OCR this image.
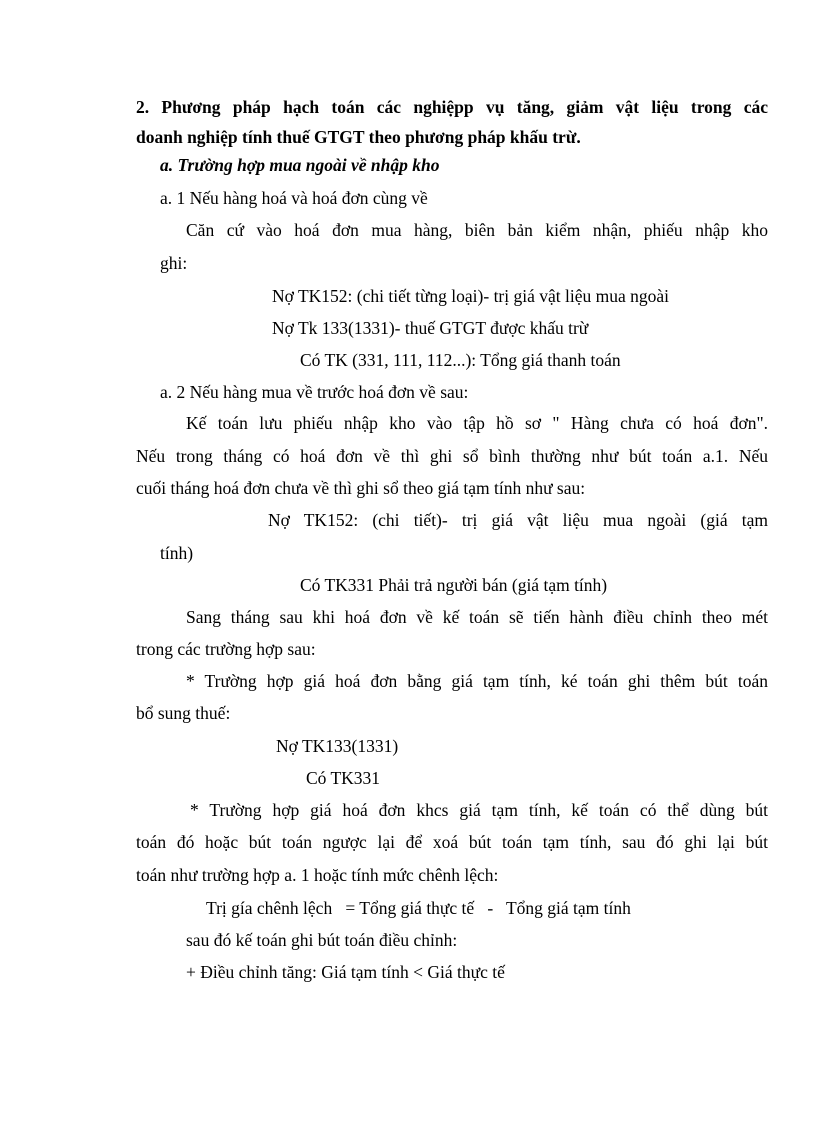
2. Phương pháp hạch toán các nghiệpp vụ tăng, giảm vật liệu trong các
doanh nghiệp tính thuế GTGT theo phương pháp khấu trừ.
a. Trường hợp mua ngoài về nhập kho
a. 1 Nếu hàng hoá và hoá đơn cùng về
Căn cứ vào hoá đơn mua hàng, biên bản kiểm nhận, phiếu nhập kho
ghi:
Nợ TK152: (chi tiết từng loại)- trị giá vật liệu mua ngoài
Nợ Tk 133(1331)- thuế GTGT được khấu trừ
Có TK (331, 111, 112...): Tổng giá thanh toán
a. 2 Nếu hàng mua về trước hoá đơn về sau:
Kế toán lưu phiếu nhập kho vào tập hồ sơ " Hàng chưa có hoá đơn".
Nếu trong tháng có hoá đơn về thì ghi sổ bình thường như bút toán a.1. Nếu
cuối tháng hoá đơn chưa về thì ghi sổ theo giá tạm tính như sau:
Nợ TK152: (chi tiết)- trị giá vật liệu mua ngoài (giá tạm
tính)
Có TK331 Phải trả người bán (giá tạm tính)
Sang tháng sau khi hoá đơn về kế toán sẽ tiến hành điều chỉnh theo mét
trong các trường hợp sau:
* Trường hợp giá hoá đơn bằng giá tạm tính, ké toán ghi thêm bút toán
bổ sung thuế:
Nợ TK133(1331)
Có TK331
* Trường hợp giá hoá đơn khcs giá tạm tính, kế toán có thể dùng bút
toán đó hoặc bút toán ngược lại để xoá bút toán tạm tính, sau đó ghi lại bút
toán như trường hợp a. 1 hoặc tính mức chênh lệch:
Trị gía chênh lệch   = Tổng giá thực tế   -   Tổng giá tạm tính
sau đó kế toán ghi bút toán điều chỉnh:
+ Điều chỉnh tăng: Giá tạm tính < Giá thực tế
